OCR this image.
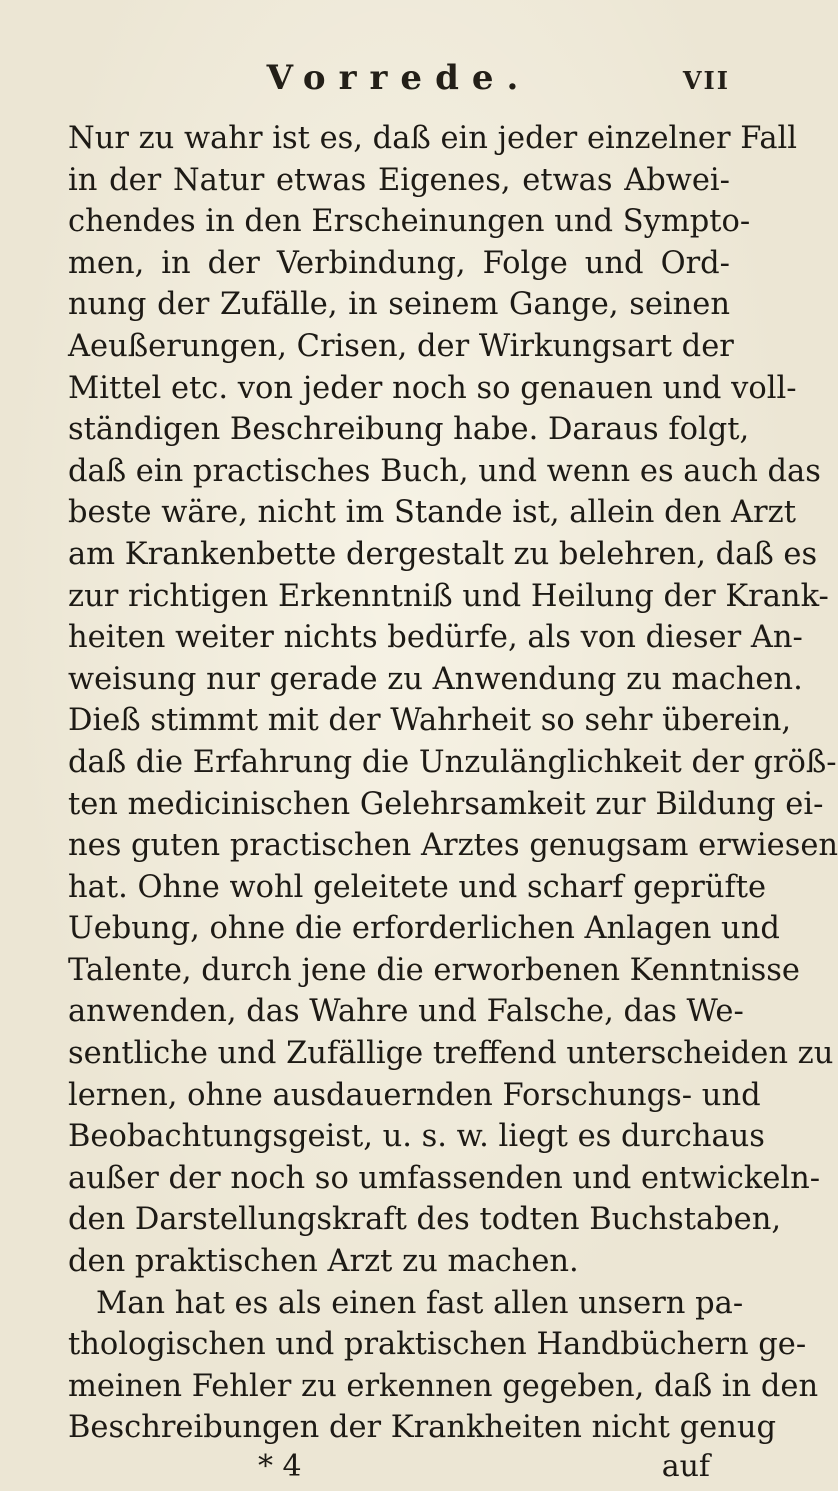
Vorrede.	VII
Nur zu wahr ist es, daß ein jeder einzelner Fall
in der Natur etwas Eigenes, etwas Abwei-
chendes in den Erscheinungen und Sympto-
men, in der Verbindung, Folge und Ord-
nung der Zufälle, in seinem Gange, seinen
Aeußerungen, Crisen, der Wirkungsart der
Mittel etc. von jeder noch so genauen und voll-
ständigen Beschreibung habe. Daraus folgt,
daß ein practisches Buch, und wenn es auch das
beste wäre, nicht im Stande ist, allein den Arzt
am Krankenbette dergestalt zu belehren, daß es
zur richtigen Erkenntniß und Heilung der Krank-
heiten weiter nichts bedürfe, als von dieser An-
weisung nur gerade zu Anwendung zu machen.
Dieß stimmt mit der Wahrheit so sehr überein,
daß die Erfahrung die Unzulänglichkeit der größ-
ten medicinischen Gelehrsamkeit zur Bildung ei-
nes guten practischen Arztes genugsam erwiesen
hat. Ohne wohl geleitete und scharf geprüfte
Uebung, ohne die erforderlichen Anlagen und
Talente, durch jene die erworbenen Kenntnisse
anwenden, das Wahre und Falsche, das We-
sentliche und Zufällige treffend unterscheiden zu
lernen, ohne ausdauernden Forschungs- und
Beobachtungsgeist, u. s. w. liegt es durchaus
außer der noch so umfassenden und entwickeln-
den Darstellungskraft des todten Buchstaben,
den praktischen Arzt zu machen.
Man hat es als einen fast allen unsern pa-
thologischen und praktischen Handbüchern ge-
meinen Fehler zu erkennen gegeben, daß in den
Beschreibungen der Krankheiten nicht genug
* 4	auf
